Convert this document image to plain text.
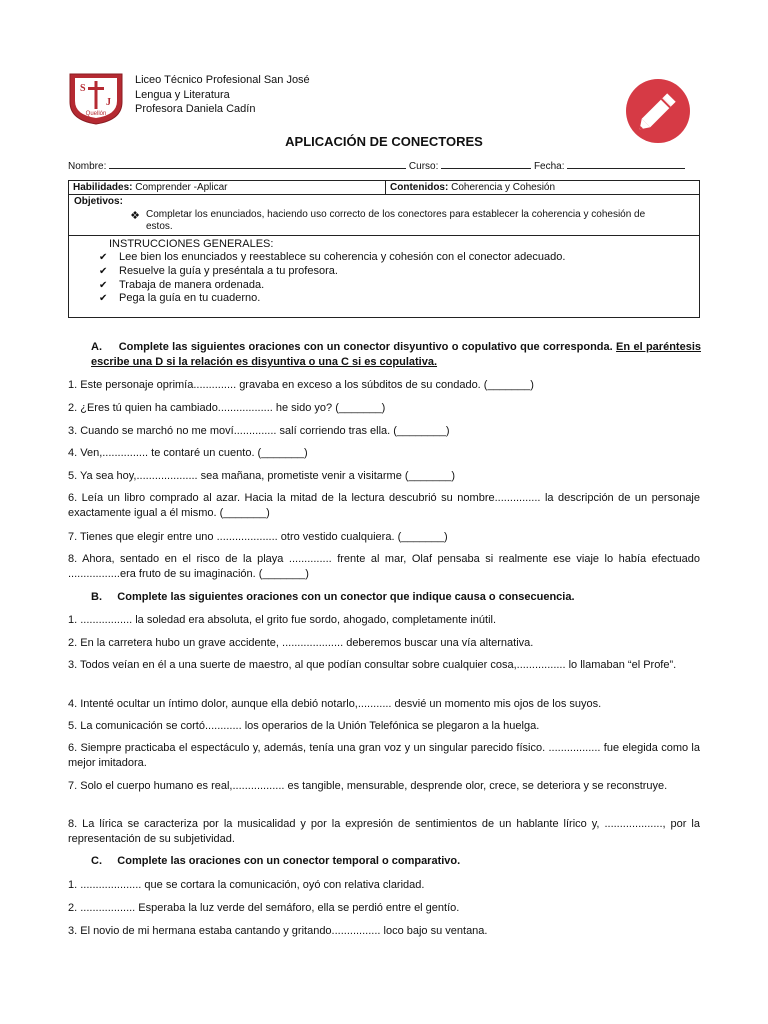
S
J
Quellón
Liceo Técnico Profesional San José
Lengua y Literatura
Profesora Daniela Cadín
APLICACIÓN DE CONECTORES
Nombre:	Curso:	Fecha:
Habilidades: Comprender -Aplicar	Contenidos: Coherencia y Cohesión
Objetivos:
❖ Completar los enunciados, haciendo uso correcto de los conectores para establecer la coherencia y cohesión de estos.
INSTRUCCIONES GENERALES:
✔	Lee bien los enunciados y reestablece su coherencia y cohesión con el conector adecuado.
✔	Resuelve la guía y preséntala a tu profesora.
✔	Trabaja de manera ordenada.
✔	Pega la guía en tu cuaderno.
A. Complete las siguientes oraciones con un conector disyuntivo o copulativo que corresponda. En el paréntesis escribe una D si la relación es disyuntiva o una C si es copulativa.
1. Este personaje oprimía.............. gravaba en exceso a los súbditos de su condado. (_______)
2. ¿Eres tú quien ha cambiado.................. he sido yo? (_______)
3. Cuando se marchó no me moví.............. salí corriendo tras ella. (________)
4. Ven,............... te contaré un cuento. (_______)
5. Ya sea hoy,.................... sea mañana, prometiste venir a visitarme (_______)
6. Leía un libro comprado al azar. Hacia la mitad de la lectura descubrió su nombre............... la descripción de un personaje exactamente igual a él mismo. (_______)
7. Tienes que elegir entre uno .................... otro vestido cualquiera. (_______)
8. Ahora, sentado en el risco de la playa .............. frente al mar, Olaf pensaba si realmente ese viaje lo había efectuado .................era fruto de su imaginación. (_______)
B. Complete las siguientes oraciones con un conector que indique causa o consecuencia.
1. ................. la soledad era absoluta, el grito fue sordo, ahogado, completamente inútil.
2. En la carretera hubo un grave accidente, .................... deberemos buscar una vía alternativa.
3. Todos veían en él a una suerte de maestro, al que podían consultar sobre cualquier cosa,................ lo llamaban “el Profe”.
4. Intenté ocultar un íntimo dolor, aunque ella debió notarlo,........... desvié un momento mis ojos de los suyos.
5. La comunicación se cortó............ los operarios de la Unión Telefónica se plegaron a la huelga.
6. Siempre practicaba el espectáculo y, además, tenía una gran voz y un singular parecido físico. ................. fue elegida como la mejor imitadora.
7. Solo el cuerpo humano es real,................. es tangible, mensurable, desprende olor, crece, se deteriora y se reconstruye.
8. La lírica se caracteriza por la musicalidad y por la expresión de sentimientos de un hablante lírico y, ..................., por la representación de su subjetividad.
C. Complete las oraciones con un conector temporal o comparativo.
1. .................... que se cortara la comunicación, oyó con relativa claridad.
2. .................. Esperaba la luz verde del semáforo, ella se perdió entre el gentío.
3. El novio de mi hermana estaba cantando y gritando................ loco bajo su ventana.
